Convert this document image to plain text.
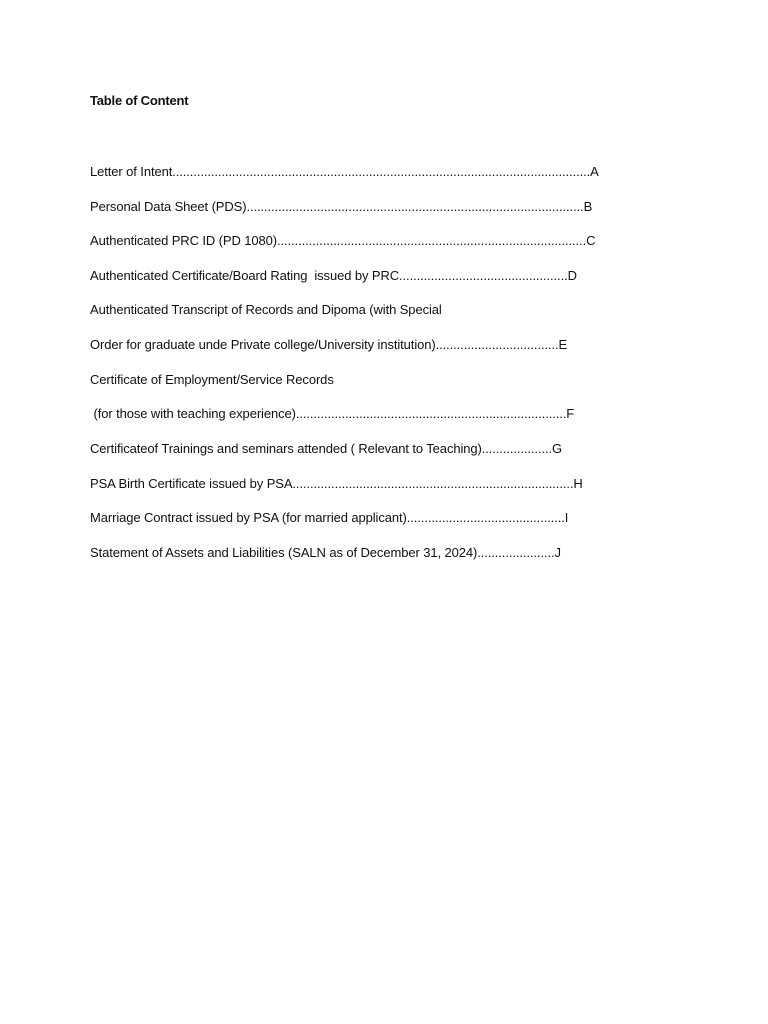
Table of Content
Letter of Intent.......................................................................................................................A
Personal Data Sheet (PDS)................................................................................................B
Authenticated PRC ID (PD 1080)........................................................................................C
Authenticated Certificate/Board Rating  issued by PRC................................................D
Authenticated Transcript of Records and Dipoma (with Special
Order for graduate unde Private college/University institution)...................................E
Certificate of Employment/Service Records
(for those with teaching experience).............................................................................F
Certificateof Trainings and seminars attended ( Relevant to Teaching)....................G
PSA Birth Certificate issued by PSA................................................................................H
Marriage Contract issued by PSA (for married applicant).............................................I
Statement of Assets and Liabilities (SALN as of December 31, 2024)......................J
